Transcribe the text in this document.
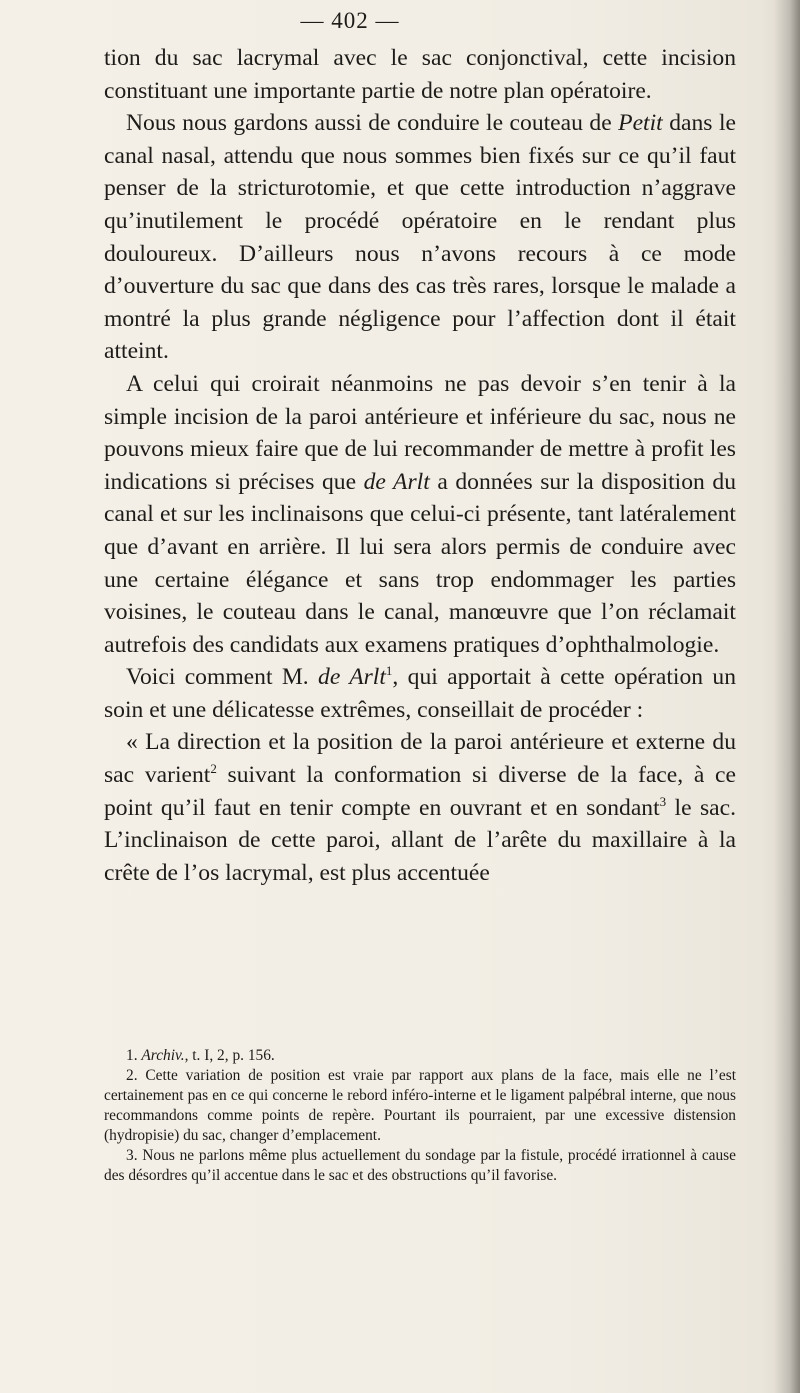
— 402 —

tion du sac lacrymal avec le sac conjonctival, cette incision constituant une importante partie de notre plan opératoire.

Nous nous gardons aussi de conduire le couteau de Petit dans le canal nasal, attendu que nous sommes bien fixés sur ce qu’il faut penser de la stricturotomie, et que cette introduction n’aggrave qu’inutilement le procédé opératoire en le rendant plus douloureux. D’ailleurs nous n’avons recours à ce mode d’ouverture du sac que dans des cas très rares, lorsque le malade a montré la plus grande négligence pour l’affection dont il était atteint.

A celui qui croirait néanmoins ne pas devoir s’en tenir à la simple incision de la paroi antérieure et inférieure du sac, nous ne pouvons mieux faire que de lui recommander de mettre à profit les indications si précises que de Arlt a données sur la disposition du canal et sur les inclinaisons que celui-ci présente, tant latéralement que d’avant en arrière. Il lui sera alors permis de conduire avec une certaine élégance et sans trop endommager les parties voisines, le couteau dans le canal, manœuvre que l’on réclamait autrefois des candidats aux examens pratiques d’ophthalmologie.

Voici comment M. de Arlt$^1$, qui apportait à cette opération un soin et une délicatesse extrêmes, conseillait de procéder :

« La direction et la position de la paroi antérieure et externe du sac varient$^2$ suivant la conformation si diverse de la face, à ce point qu’il faut en tenir compte en ouvrant et en sondant$^3$ le sac. L’inclinaison de cette paroi, allant de l’arête du maxillaire à la crête de l’os lacrymal, est plus accentuée

1. Archiv., t. I, 2, p. 156.

2. Cette variation de position est vraie par rapport aux plans de la face, mais elle ne l’est certainement pas en ce qui concerne le rebord inféro-interne et le ligament palpébral interne, que nous recommandons comme points de repère. Pourtant ils pourraient, par une excessive distension (hydropisie) du sac, changer d’emplacement.

3. Nous ne parlons même plus actuellement du sondage par la fistule, procédé irrationnel à cause des désordres qu’il accentue dans le sac et des obstructions qu’il favorise.
